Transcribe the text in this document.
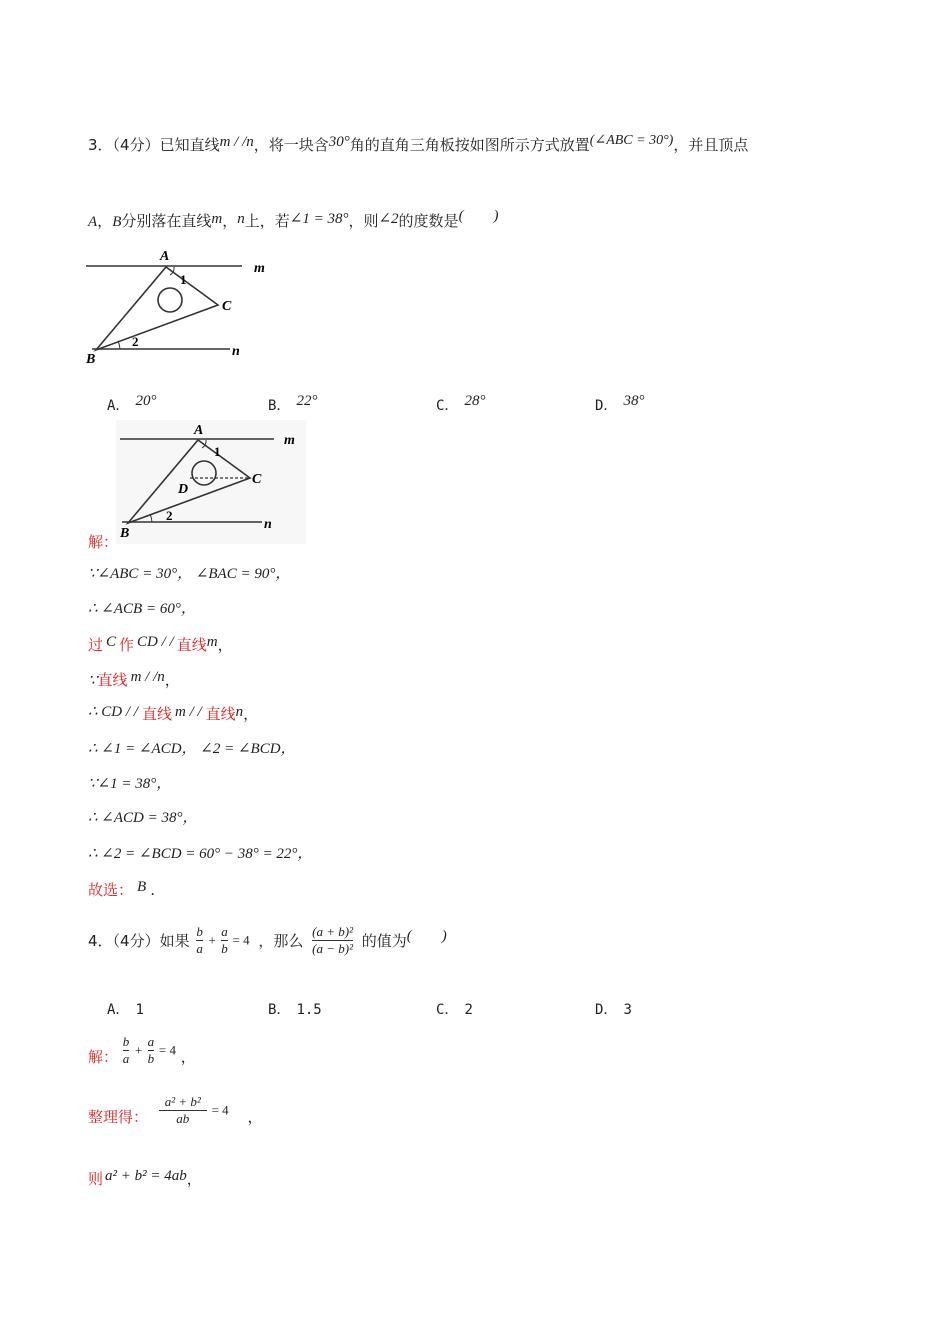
3．（4分）已知直线m / /n，将一块含30°角的直角三角板按如图所示方式放置(∠ABC = 30°)，并且顶点
A，B分别落在直线m，n上，若∠1 = 38°，则∠2的度数是(　　)
A
1
C
m
2
B
n
A． 20°	B． 22°	C． 28°	D． 38°
A
1
D
C
m
2
B
n
解：
∵∠ABC = 30°， ∠BAC = 90°，
∴ ∠ACB = 60°，
过 C 作 CD / / 直线m，
∵直线 m / /n，
∴ CD / / 直线 m / / 直线n，
∴ ∠1 = ∠ACD， ∠2 = ∠BCD，
∵∠1 = 38°，
∴ ∠ACD = 38°，
∴ ∠2 = ∠BCD = 60° − 38° = 22°，
故选： B .
4．（4分）如果 $\frac{b}{a} + \frac{a}{b} = 4$ ，那么 $\frac{\text{(a + b)²}}{\text{(a − b)²}}$ 的值为(　　)
A． 1	B． 1.5	C． 2	D． 3
解： $\frac{b}{a} + \frac{a}{b} = 4$ ，
整理得： $\frac{\text{a² + b²}}{ab} = 4$ ，
则 a² + b² = 4ab，
